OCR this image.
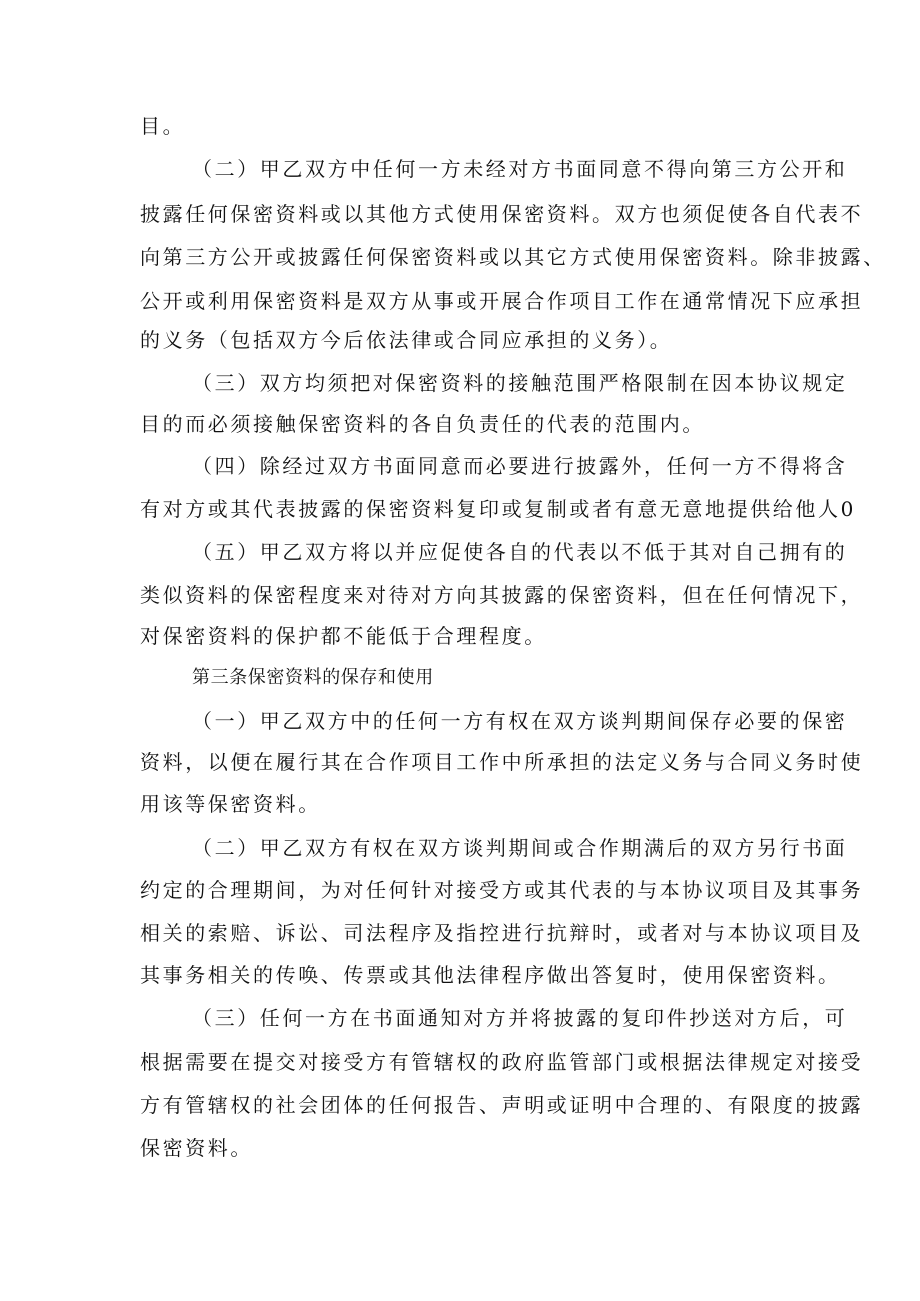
目。
（二）甲乙双方中任何一方未经对方书面同意不得向第三方公开和
披露任何保密资料或以其他方式使用保密资料。双方也须促使各自代表不
向第三方公开或披露任何保密资料或以其它方式使用保密资料。除非披露、
公开或利用保密资料是双方从事或开展合作项目工作在通常情况下应承担
的义务（包括双方今后依法律或合同应承担的义务）。
（三）双方均须把对保密资料的接触范围严格限制在因本协议规定
目的而必须接触保密资料的各自负责任的代表的范围内。
（四）除经过双方书面同意而必要进行披露外，任何一方不得将含
有对方或其代表披露的保密资料复印或复制或者有意无意地提供给他人0
（五）甲乙双方将以并应促使各自的代表以不低于其对自己拥有的
类似资料的保密程度来对待对方向其披露的保密资料，但在任何情况下，
对保密资料的保护都不能低于合理程度。
第三条保密资料的保存和使用
（一）甲乙双方中的任何一方有权在双方谈判期间保存必要的保密
资料，以便在履行其在合作项目工作中所承担的法定义务与合同义务时使
用该等保密资料。
（二）甲乙双方有权在双方谈判期间或合作期满后的双方另行书面
约定的合理期间，为对任何针对接受方或其代表的与本协议项目及其事务
相关的索赔、诉讼、司法程序及指控进行抗辩时，或者对与本协议项目及
其事务相关的传唤、传票或其他法律程序做出答复时，使用保密资料。
（三）任何一方在书面通知对方并将披露的复印件抄送对方后，可
根据需要在提交对接受方有管辖权的政府监管部门或根据法律规定对接受
方有管辖权的社会团体的任何报告、声明或证明中合理的、有限度的披露
保密资料。
